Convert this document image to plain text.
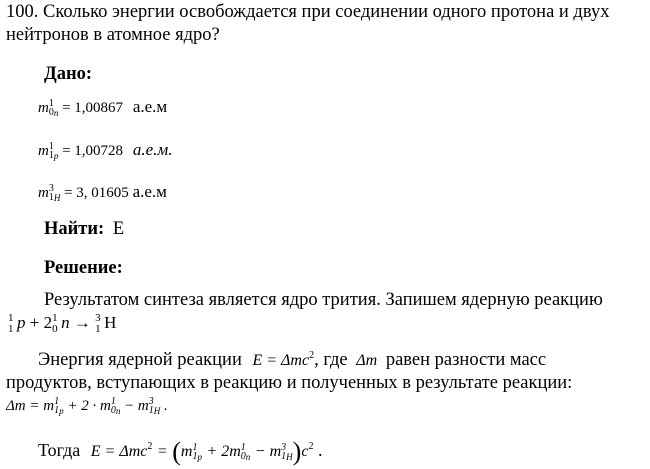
100. Сколько энергии освобождается при соединении одного протона и двух
нейтронов в атомное ядро?
Дано:
m 1
0 $_n$ = 1,00867 а.е.м
m 1
1 $_p$ = 1,00728 а.е.м.
m 3
1 $_H$ = 3, 01605 а.е.м
Найти: E
Решение:
Результатом синтеза является ядро трития. Запишем ядерную реакцию
1
1 p + 2 1
0 n → 3
1 H
Энергия ядерной реакции E = Δmc$^2$, где Δm равен разности масс
продуктов, вступающих в реакцию и полученных в результате реакции:
Δm = m 1
1 $_p$ + 2 · m 1
0 $_n$ − m 3
1 $_H$ .
Тогда E = Δmc$^2$ = (m 1
1 $_p$ + 2m 1
0 $_n$ − m 3
1 $_H)c^2$ .
